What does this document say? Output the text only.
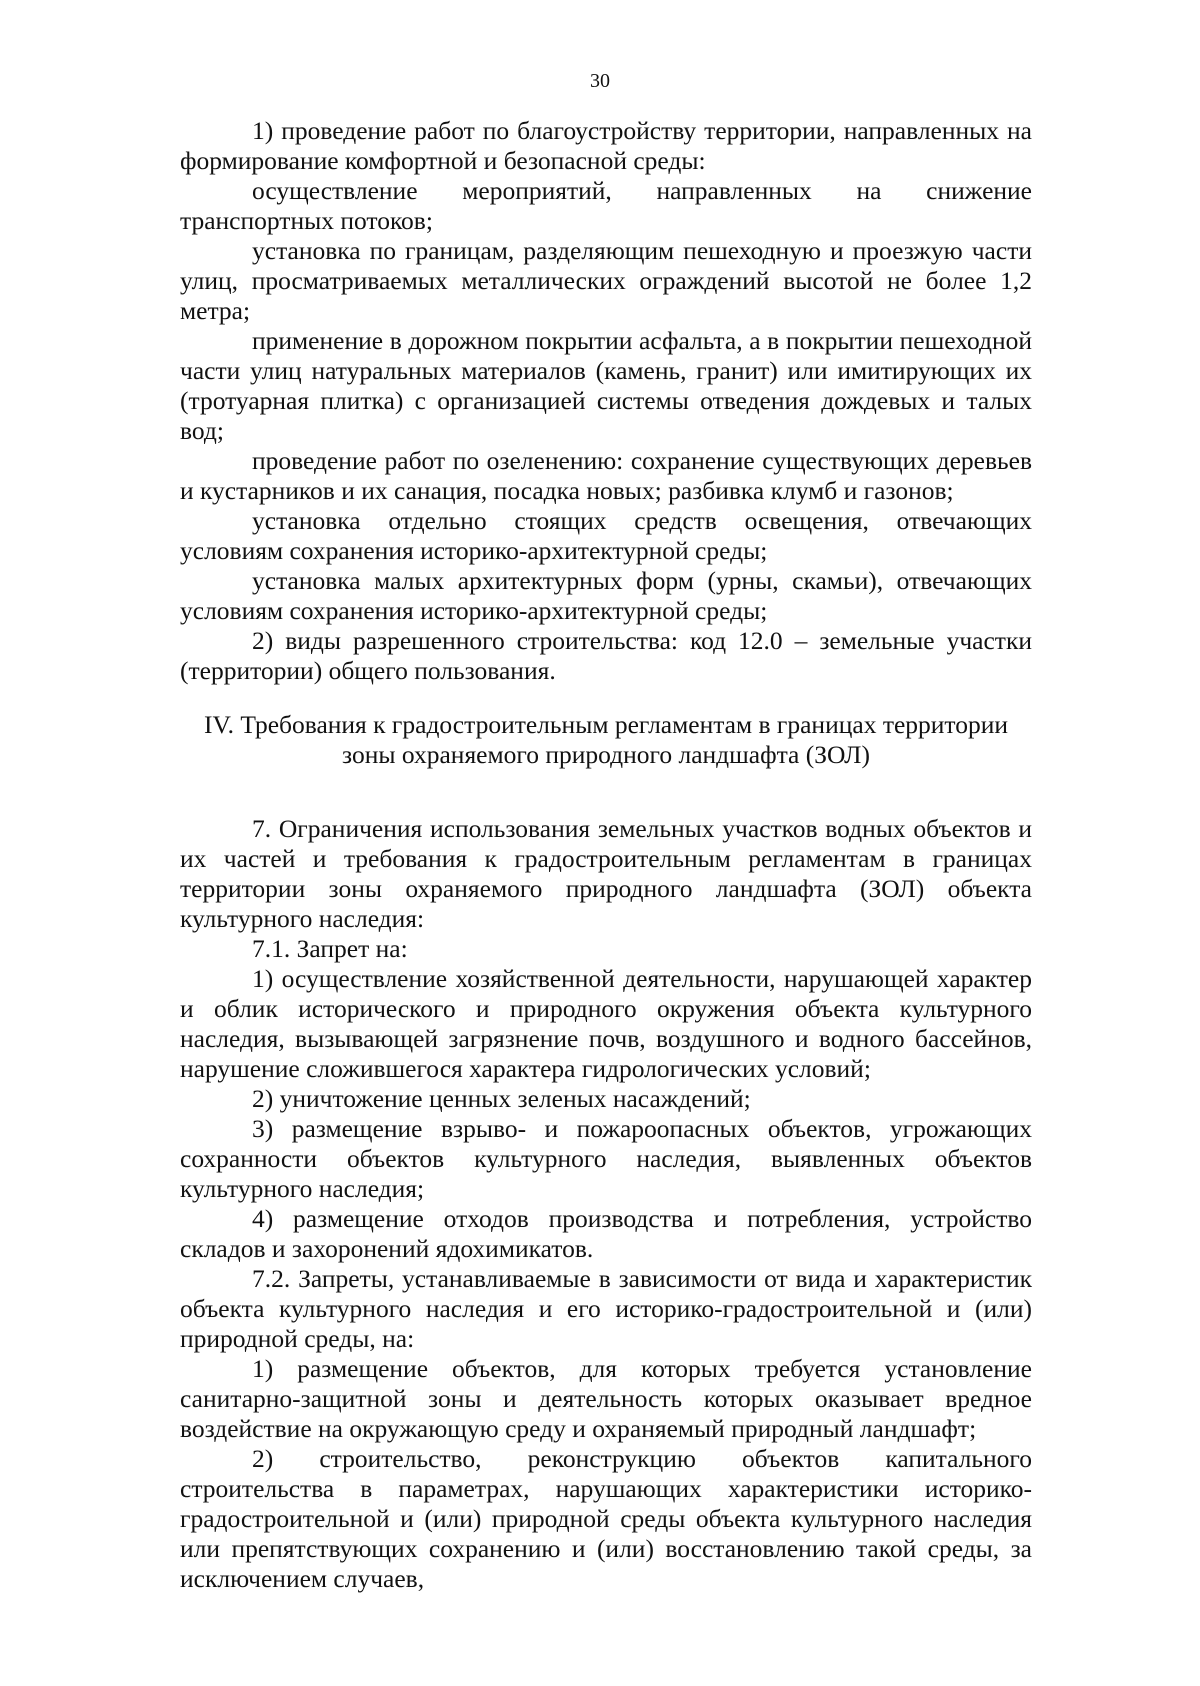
30

1) проведение работ по благоустройству территории, направленных на формирование комфортной и безопасной среды:

осуществление мероприятий, направленных на снижение транспортных потоков;

установка по границам, разделяющим пешеходную и проезжую части улиц, просматриваемых металлических ограждений высотой не более 1,2 метра;

применение в дорожном покрытии асфальта, а в покрытии пешеходной части улиц натуральных материалов (камень, гранит) или имитирующих их (тротуарная плитка) с организацией системы отведения дождевых и талых вод;

проведение работ по озеленению: сохранение существующих деревьев и кустарников и их санация, посадка новых; разбивка клумб и газонов;

установка отдельно стоящих средств освещения, отвечающих условиям сохранения историко-архитектурной среды;

установка малых архитектурных форм (урны, скамьи), отвечающих условиям сохранения историко-архитектурной среды;

2) виды разрешенного строительства: код 12.0 – земельные участки (территории) общего пользования.

IV. Требования к градостроительным регламентам в границах территории
зоны охраняемого природного ландшафта (ЗОЛ)

7. Ограничения использования земельных участков водных объектов и их частей и требования к градостроительным регламентам в границах территории зоны охраняемого природного ландшафта (ЗОЛ) объекта культурного наследия:

7.1. Запрет на:

1) осуществление хозяйственной деятельности, нарушающей характер и облик исторического и природного окружения объекта культурного наследия, вызывающей загрязнение почв, воздушного и водного бассейнов, нарушение сложившегося характера гидрологических условий;

2) уничтожение ценных зеленых насаждений;

3) размещение взрыво- и пожароопасных объектов, угрожающих сохранности объектов культурного наследия, выявленных объектов культурного наследия;

4) размещение отходов производства и потребления, устройство складов и захоронений ядохимикатов.

7.2. Запреты, устанавливаемые в зависимости от вида и характеристик объекта культурного наследия и его историко-градостроительной и (или) природной среды, на:

1) размещение объектов, для которых требуется установление санитарно-защитной зоны и деятельность которых оказывает вредное воздействие на окружающую среду и охраняемый природный ландшафт;

2) строительство, реконструкцию объектов капитального строительства в параметрах, нарушающих характеристики историко-градостроительной и (или) природной среды объекта культурного наследия или препятствующих сохранению и (или) восстановлению такой среды, за исключением случаев,
